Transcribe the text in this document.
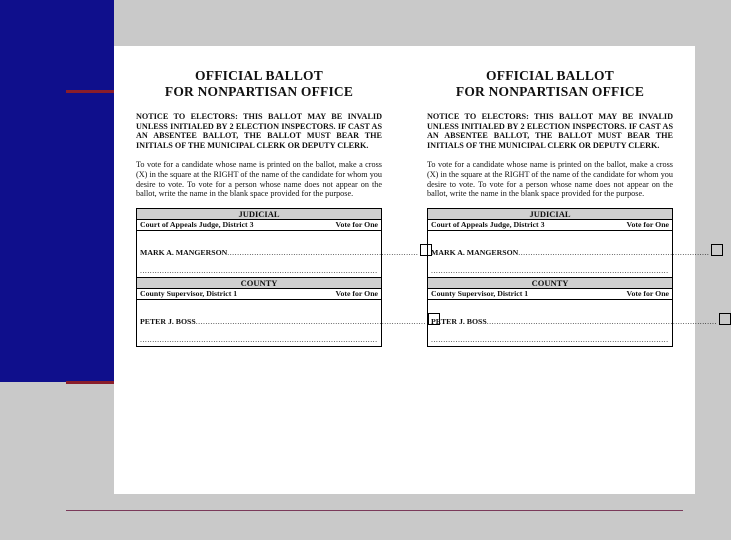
OFFICIAL BALLOT
FOR NONPARTISAN OFFICE
NOTICE TO ELECTORS: THIS BALLOT MAY BE INVALID UNLESS INITIALED BY 2 ELECTION INSPECTORS. IF CAST AS AN ABSENTEE BALLOT, THE BALLOT MUST BEAR THE INITIALS OF THE MUNICIPAL CLERK OR DEPUTY CLERK.
To vote for a candidate whose name is printed on the ballot, make a cross (X) in the square at the RIGHT of the name of the candidate for whom you desire to vote. To vote for a person whose name does not appear on the ballot, write the name in the blank space provided for the purpose.
JUDICIAL
Court of Appeals Judge, District 3	Vote for One
MARK A. MANGERSON ..............................................................................
.................................................................................................
COUNTY
County Supervisor, District 1	Vote for One
PETER J. BOSS ..............................................................................................
.................................................................................................
OFFICIAL BALLOT
FOR NONPARTISAN OFFICE
NOTICE TO ELECTORS: THIS BALLOT MAY BE INVALID UNLESS INITIALED BY 2 ELECTION INSPECTORS. IF CAST AS AN ABSENTEE BALLOT, THE BALLOT MUST BEAR THE INITIALS OF THE MUNICIPAL CLERK OR DEPUTY CLERK.
To vote for a candidate whose name is printed on the ballot, make a cross (X) in the square at the RIGHT of the name of the candidate for whom you desire to vote. To vote for a person whose name does not appear on the ballot, write the name in the blank space provided for the purpose.
JUDICIAL
Court of Appeals Judge, District 3	Vote for One
MARK A. MANGERSON ..............................................................................
.................................................................................................
COUNTY
County Supervisor, District 1	Vote for One
PETER J. BOSS ..............................................................................................
.................................................................................................
